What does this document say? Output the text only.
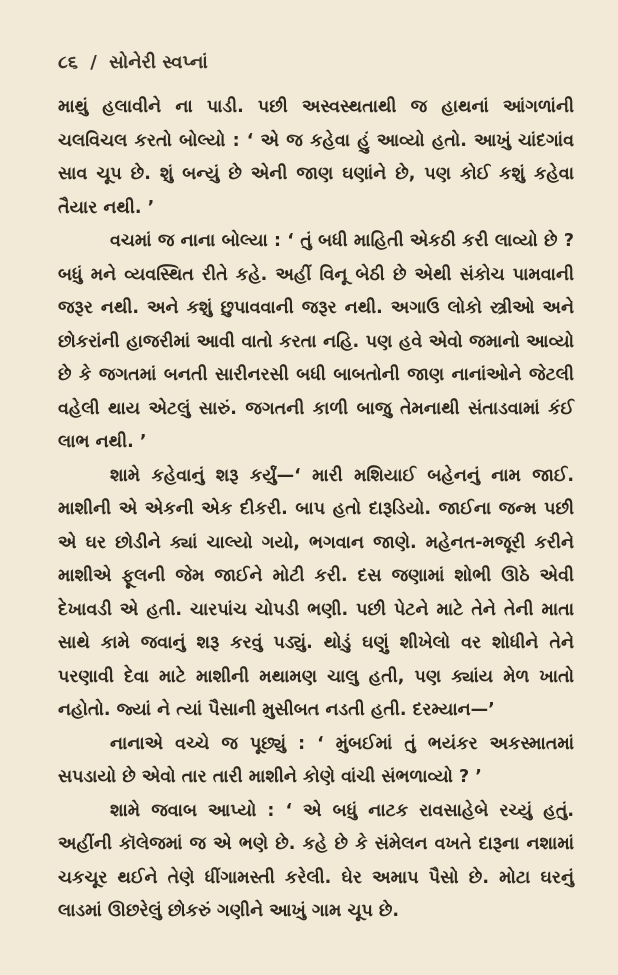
૮૬ / સોનેરી સ્વપ્નાં

માથું હલાવીને ના પાડી. પછી અસ્વસ્થતાથી જ હાથનાં આંગળાંની ચલવિચલ કરતો બોલ્યો : ‘ એ જ કહેવા હું આવ્યો હતો. આખું ચાંદગાંવ સાવ ચૂપ છે. શું બન્યું છે એની જાણ ઘણાંને છે, પણ કોઈ કશું કહેવા તૈયાર નથી. ’

વચમાં જ નાના બોલ્યા : ‘ તું બધી માહિતી એકઠી કરી લાવ્યો છે ? બધું મને વ્યવસ્થિત રીતે કહે. અહીં વિનૂ બેઠી છે એથી સંકોચ પામવાની જરૂર નથી. અને કશું છુપાવવાની જરૂર નથી. અગાઉ લોકો સ્ત્રીઓ અને છોકરાંની હાજરીમાં આવી વાતો કરતા નહિ. પણ હવે એવો જમાનો આવ્યો છે કે જગતમાં બનતી સારીનરસી બધી બાબતોની જાણ નાનાંઓને જેટલી વહેલી થાય એટલું સારું. જગતની કાળી બાજુ તેમનાથી સંતાડવામાં કંઈ લાભ નથી. ’

શામે કહેવાનું શરૂ કર્યું—‘ મારી મશિયાઈ બહેનનું નામ જાઈ. માશીની એ એકની એક દીકરી. બાપ હતો દારૂડિયો. જાઈના જન્મ પછી એ ઘર છોડીને ક્યાં ચાલ્યો ગયો, ભગવાન જાણે. મહેનત-મજૂરી કરીને માશીએ ફૂલની જેમ જાઈને મોટી કરી. દસ જણામાં શોભી ઊઠે એવી દેખાવડી એ હતી. ચારપાંચ ચોપડી ભણી. પછી પેટને માટે તેને તેની માતા સાથે કામે જવાનું શરૂ કરવું પડ્યું. થોડું ઘણું શીખેલો વર શોધીને તેને પરણાવી દેવા માટે માશીની મથામણ ચાલુ હતી, પણ ક્યાંય મેળ ખાતો નહોતો. જ્યાં ને ત્યાં પૈસાની મુસીબત નડતી હતી. દરમ્યાન—’

નાનાએ વચ્ચે જ પૂછ્યું : ‘ મુંબઈમાં તું ભયંકર અકસ્માતમાં સપડાયો છે એવો તાર તારી માશીને કોણે વાંચી સંભળાવ્યો ? ’

શામે જવાબ આપ્યો : ‘ એ બધું નાટક રાવસાહેબે રચ્યું હતું. અહીંની કૉલેજમાં જ એ ભણે છે. કહે છે કે સંમેલન વખતે દારૂના નશામાં ચકચૂર થઈને તેણે ધીંગામસ્તી કરેલી. ઘેર અમાપ પૈસો છે. મોટા ઘરનું લાડમાં ઊછરેલું છોકરું ગણીને આખું ગામ ચૂપ છે.
